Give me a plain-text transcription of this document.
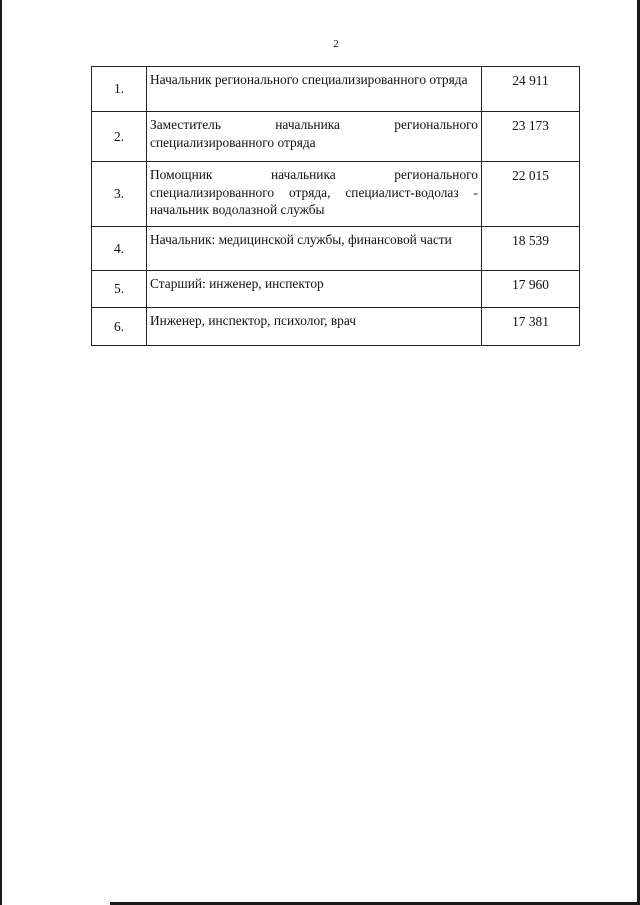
2
1.	Начальник регионального специализированного отряда	24 911
2.	Заместитель начальника регионального специализированного отряда	23 173
3.	Помощник начальника регионального специализированного отряда, специалист-водолаз - начальник водолазной службы	22 015
4.	Начальник: медицинской службы, финансовой части	18 539
5.	Старший: инженер, инспектор	17 960
6.	Инженер, инспектор, психолог, врач	17 381
